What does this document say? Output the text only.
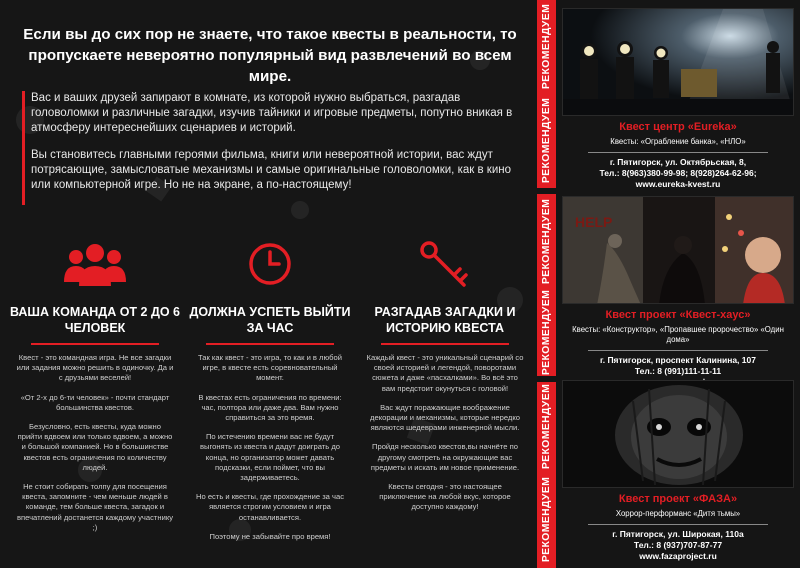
Если вы до сих пор не знаете, что такое квесты в реальности, то пропускаете невероятно популярный вид развлечений во всем мире.

Вас и ваших друзей запирают в комнате, из которой нужно выбраться, разгадав головоломки и различные загадки, изучив тайники и игровые предметы, попутно вникая в атмосферу интереснейших сценариев и историй.

Вы становитесь главными героями фильма, книги или невероятной истории, вас ждут потрясающие, замысловатые механизмы и самые оригинальные головоломки, как в кино или компьютерной игре. Но не на экране, а по-настоящему!

ВАША КОМАНДА ОТ 2 ДО 6 ЧЕЛОВЕК

Квест - это командная игра. Не все загадки или задания можно решить в одиночку. Да и с друзьями веселей!

«От 2-х до 6-ти человек» - почти стандарт большинства квестов.

Безусловно, есть квесты, куда можно прийти вдвоем или только вдвоем, а можно и большой компанией. Но в большинстве квестов есть ограничения по количеству людей.

Не стоит собирать толпу для посещения квеста, запомните - чем меньше людей в команде, тем больше квеста, загадок и впечатлений достанется каждому участнику ;)

ДОЛЖНА УСПЕТЬ ВЫЙТИ ЗА ЧАС

Так как квест - это игра, то как и в любой игре, в квесте есть соревновательный момент.

В квестах есть ограничения по времени: час, полтора или даже два. Вам нужно справиться за это время.

По истечению времени вас не будут выгонять из квеста и дадут доиграть до конца, но организатор может давать подсказки, если поймет, что вы задерживаетесь.

Но есть и квесты, где прохождение за час является строгим условием и игра останавливается.

Поэтому не забывайте про время!

РАЗГАДАВ ЗАГАДКИ И ИСТОРИЮ КВЕСТА

Каждый квест - это уникальный сценарий со своей историей и легендой, поворотами сюжета и даже «пасхалками». Во всё это вам предстоит окунуться с головой!

Вас ждут поражающие воображение декорации и механизмы, которые нередко являются шедеврами инженерной мысли.

Пройдя несколько квестов,вы начнёте по другому смотреть на окружающие вас предметы и искать им новое применение.

Квесты сегодня - это настоящее приключение на любой вкус, которое доступно каждому!

РЕКОМЕНДУЕМ
РЕКОМЕНДУЕМ
РЕКОМЕНДУЕМ
РЕКОМЕНДУЕМ
РЕКОМЕНДУЕМ
РЕКОМЕНДУЕМ
Квест центр «Eureka»
Квесты: «Ограбление банка», «НЛО»
г. Пятигорск, ул. Октябрьская, 8,
Тел.: 8(963)380-99-98; 8(928)264-62-96;
www.eureka-kvest.ru
HELP
Квест проект «Квест-хаус»
Квесты: «Конструктор», «Пропавшее пророчество» «Один дома»
г. Пятигорск, проспект Калинина, 107
Тел.: 8 (991)111-11-11
Квест проект «ФАЗА»
Хоррор-перформанс «Дитя тьмы»
г. Пятигорск, ул. Широкая, 110а
Тел.: 8 (937)707-87-77
www.fazaproject.ru
